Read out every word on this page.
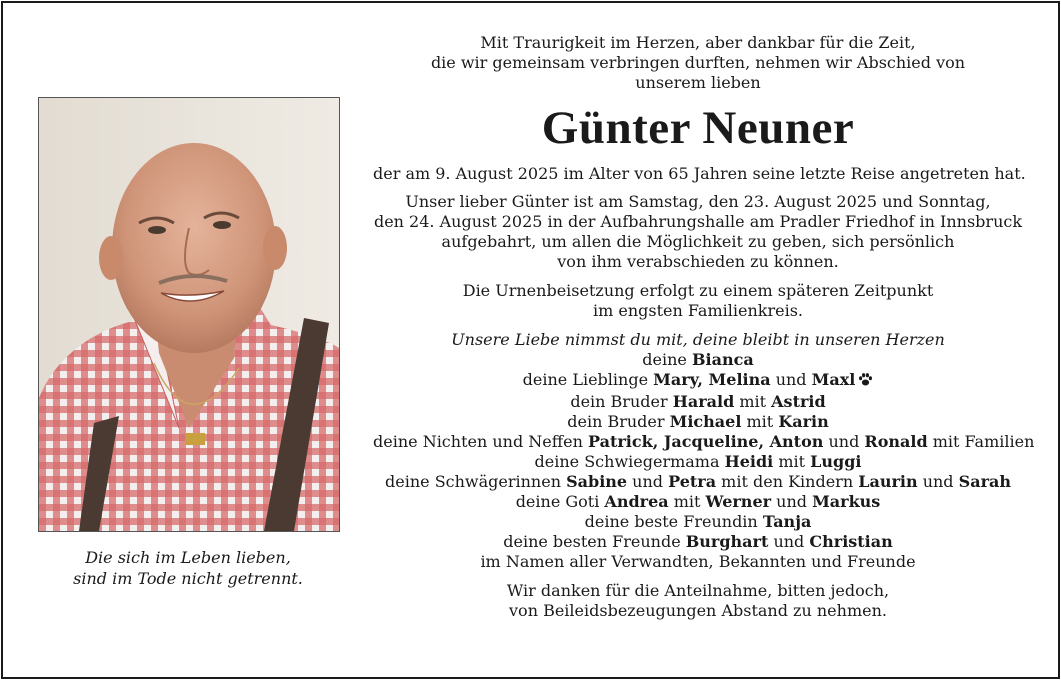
Die sich im Leben lieben,
sind im Tode nicht getrennt.
Mit Traurigkeit im Herzen, aber dankbar für die Zeit,
die wir gemeinsam verbringen durften, nehmen wir Abschied von
unserem lieben
Günter Neuner
der am 9. August 2025 im Alter von 65 Jahren seine letzte Reise angetreten hat.
Unser lieber Günter ist am Samstag, den 23. August 2025 und Sonntag,
den 24. August 2025 in der Aufbahrungshalle am Pradler Friedhof in Innsbruck
aufgebahrt, um allen die Möglichkeit zu geben, sich persönlich
von ihm verabschieden zu können.
Die Urnenbeisetzung erfolgt zu einem späteren Zeitpunkt
im engsten Familienkreis.
Unsere Liebe nimmst du mit, deine bleibt in unseren Herzen
deine Bianca
deine Lieblinge Mary, Melina und Maxl
dein Bruder Harald mit Astrid
dein Bruder Michael mit Karin
deine Nichten und Neffen Patrick, Jacqueline, Anton und Ronald mit Familien
deine Schwiegermama Heidi mit Luggi
deine Schwägerinnen Sabine und Petra mit den Kindern Laurin und Sarah
deine Goti Andrea mit Werner und Markus
deine beste Freundin Tanja
deine besten Freunde Burghart und Christian
im Namen aller Verwandten, Bekannten und Freunde
Wir danken für die Anteilnahme, bitten jedoch,
von Beileidsbezeugungen Abstand zu nehmen.
